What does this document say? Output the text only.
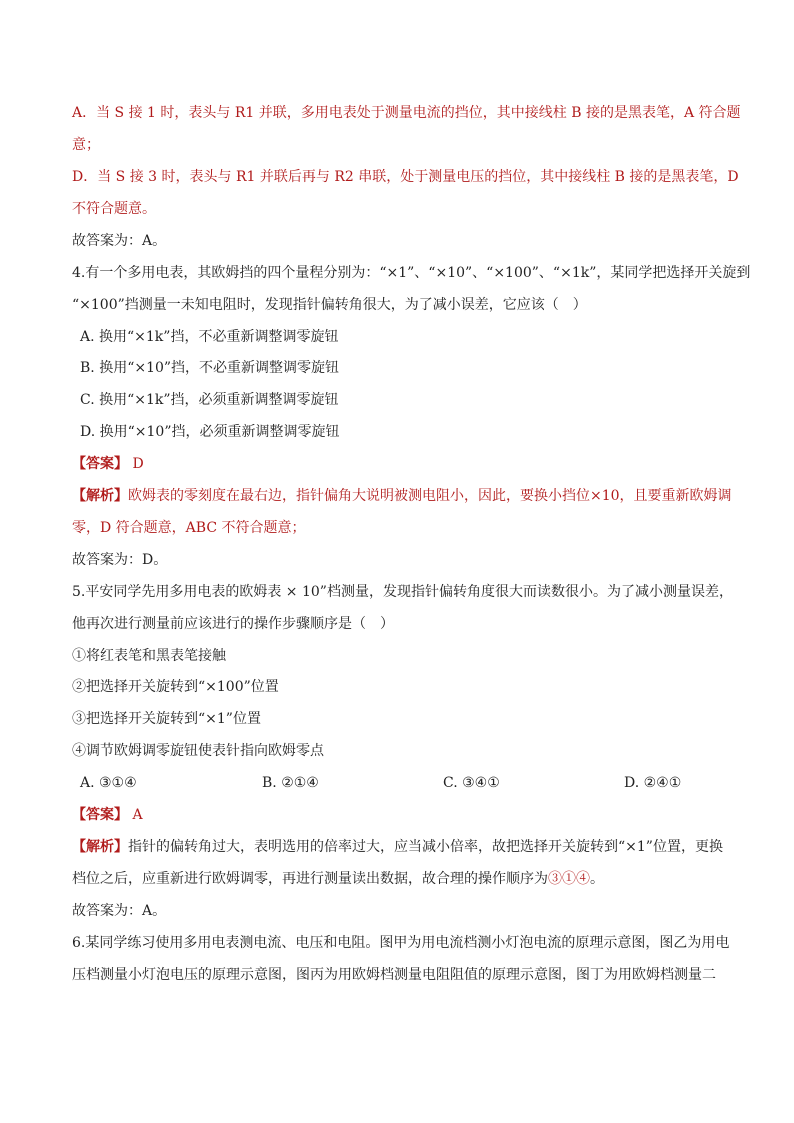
A．当 S 接 1 时，表头与 R1 并联，多用电表处于测量电流的挡位，其中接线柱 B 接的是黑表笔，A 符合题
意；
D．当 S 接 3 时，表头与 R1 并联后再与 R2 串联，处于测量电压的挡位，其中接线柱 B 接的是黑表笔，D
不符合题意。
故答案为：A。
4.有一个多用电表，其欧姆挡的四个量程分别为：“×1”、“×10”、“×100”、“×1k”，某同学把选择开关旋到
“×100”挡测量一未知电阻时，发现指针偏转角很大，为了减小误差，它应该（　）
A. 换用“×1k”挡，不必重新调整调零旋钮
B. 换用“×10”挡，不必重新调整调零旋钮
C. 换用“×1k”挡，必须重新调整调零旋钮
D. 换用“×10”挡，必须重新调整调零旋钮
【答案】 D
【解析】欧姆表的零刻度在最右边，指针偏角大说明被测电阻小，因此，要换小挡位×10，且要重新欧姆调
零，D 符合题意，ABC 不符合题意；
故答案为：D。
5.平安同学先用多用电表的欧姆表 × 10”档测量，发现指针偏转角度很大而读数很小。为了减小测量误差，
他再次进行测量前应该进行的操作步骤顺序是（　）
①将红表笔和黑表笔接触
②把选择开关旋转到“×100”位置
③把选择开关旋转到“×1”位置
④调节欧姆调零旋钮使表针指向欧姆零点
A. ③①④	B. ②①④	C. ③④①	D. ②④①
【答案】 A
【解析】指针的偏转角过大，表明选用的倍率过大，应当减小倍率，故把选择开关旋转到“×1”位置，更换
档位之后，应重新进行欧姆调零，再进行测量读出数据，故合理的操作顺序为③①④。
故答案为：A。
6.某同学练习使用多用电表测电流、电压和电阻。图甲为用电流档测小灯泡电流的原理示意图，图乙为用电
压档测量小灯泡电压的原理示意图，图丙为用欧姆档测量电阻阻值的原理示意图，图丁为用欧姆档测量二
